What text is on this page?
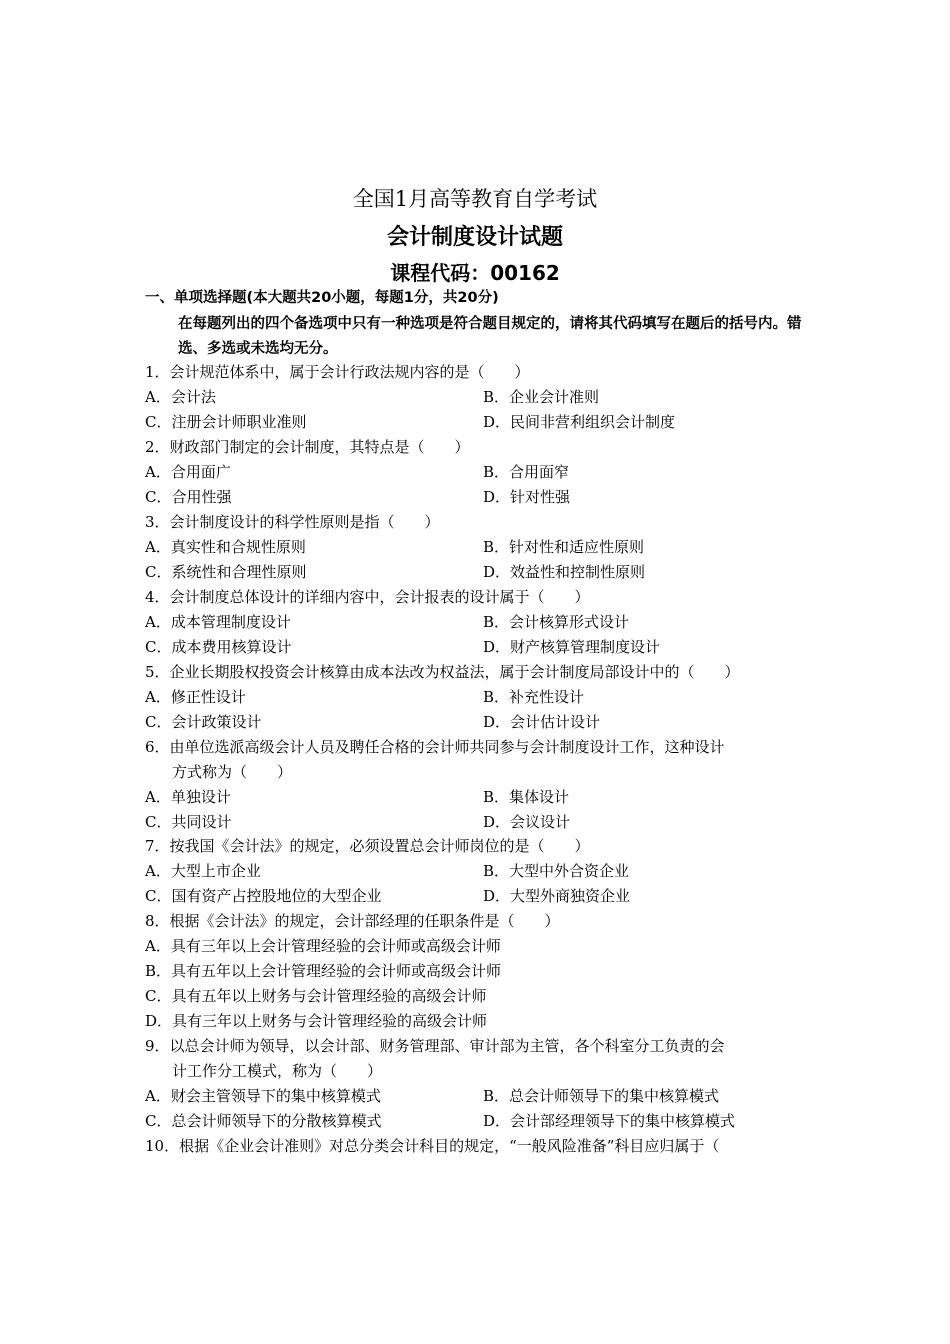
全国1月高等教育自学考试
会计制度设计试题
课程代码：00162
一、单项选择题(本大题共20小题，每题1分，共20分)
在每题列出的四个备选项中只有一种选项是符合题目规定的，请将其代码填写在题后的括号内。错选、多选或未选均无分。
1．会计规范体系中，属于会计行政法规内容的是（　　）
A．会计法	B．企业会计准则
C．注册会计师职业准则	D．民间非营利组织会计制度
2．财政部门制定的会计制度，其特点是（　　）
A．合用面广	B．合用面窄
C．合用性强	D．针对性强
3．会计制度设计的科学性原则是指（　　）
A．真实性和合规性原则	B．针对性和适应性原则
C．系统性和合理性原则	D．效益性和控制性原则
4．会计制度总体设计的详细内容中，会计报表的设计属于（　　）
A．成本管理制度设计	B．会计核算形式设计
C．成本费用核算设计	D．财产核算管理制度设计
5．企业长期股权投资会计核算由成本法改为权益法，属于会计制度局部设计中的（　　）
A．修正性设计	B．补充性设计
C．会计政策设计	D．会计估计设计
6．由单位选派高级会计人员及聘任合格的会计师共同参与会计制度设计工作，这种设计
方式称为（　　）
A．单独设计	B．集体设计
C．共同设计	D．会议设计
7．按我国《会计法》的规定，必须设置总会计师岗位的是（　　）
A．大型上市企业	B．大型中外合资企业
C．国有资产占控股地位的大型企业	D．大型外商独资企业
8．根据《会计法》的规定，会计部经理的任职条件是（　　）
A．具有三年以上会计管理经验的会计师或高级会计师
B．具有五年以上会计管理经验的会计师或高级会计师
C．具有五年以上财务与会计管理经验的高级会计师
D．具有三年以上财务与会计管理经验的高级会计师
9．以总会计师为领导，以会计部、财务管理部、审计部为主管，各个科室分工负责的会
计工作分工模式，称为（　　）
A．财会主管领导下的集中核算模式	B．总会计师领导下的集中核算模式
C．总会计师领导下的分散核算模式	D．会计部经理领导下的集中核算模式
10．根据《企业会计准则》对总分类会计科目的规定，“一般风险准备”科目应归属于（
